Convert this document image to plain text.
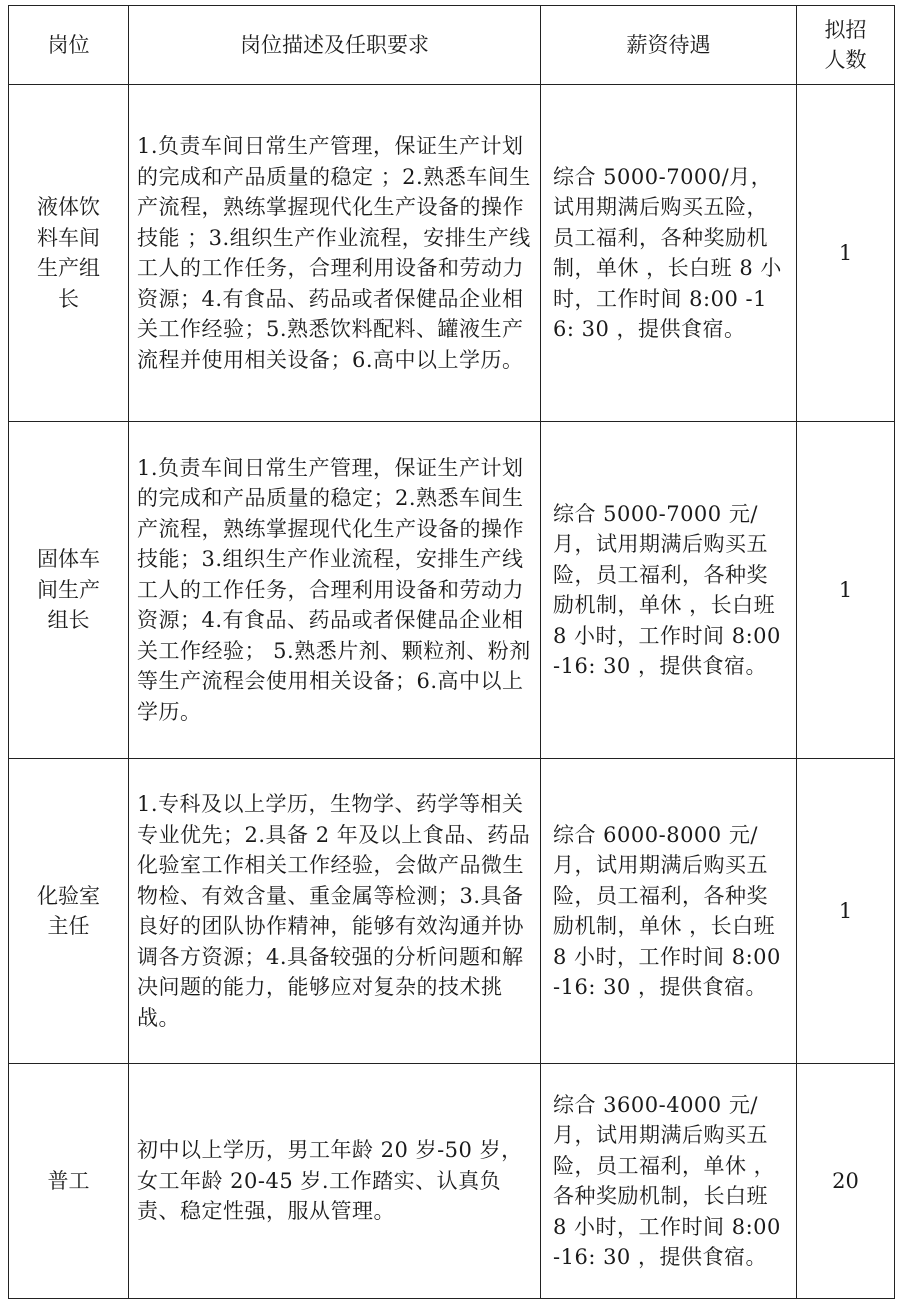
岗位	岗位描述及任职要求	薪资待遇	拟招人数
液体饮料车间生产组长	1.负责车间日常生产管理，保证生产计划的完成和产品质量的稳定 ；2.熟悉车间生产流程，熟练掌握现代化生产设备的操作技能 ；3.组织生产作业流程，安排生产线工人的工作任务，合理利用设备和劳动力资源；4.有食品、药品或者保健品企业相关工作经验；5.熟悉饮料配料、罐液生产流程并使用相关设备；6.高中以上学历。	综合 5000-7000/月，试用期满后购买五险，员工福利，各种奖励机制，单休 ，长白班 8 小时，工作时间 8:00 -16: 30 ，提供食宿。	1
固体车间生产组长	1.负责车间日常生产管理，保证生产计划的完成和产品质量的稳定；2.熟悉车间生产流程，熟练掌握现代化生产设备的操作技能；3.组织生产作业流程，安排生产线工人的工作任务，合理利用设备和劳动力资源；4.有食品、药品或者保健品企业相关工作经验； 5.熟悉片剂、颗粒剂、粉剂等生产流程会使用相关设备；6.高中以上学历。	综合 5000-7000 元/月，试用期满后购买五险，员工福利，各种奖励机制，单休 ，长白班 8 小时，工作时间 8:00 -16: 30 ，提供食宿。	1
化验室主任	1.专科及以上学历，生物学、药学等相关专业优先；2.具备 2 年及以上食品、药品化验室工作相关工作经验，会做产品微生物检、有效含量、重金属等检测；3.具备良好的团队协作精神，能够有效沟通并协调各方资源；4.具备较强的分析问题和解决问题的能力，能够应对复杂的技术挑战。	综合 6000-8000 元/月，试用期满后购买五险，员工福利，各种奖励机制，单休 ，长白班 8 小时，工作时间 8:00 -16: 30 ，提供食宿。	1
普工	初中以上学历，男工年龄 20 岁-50 岁，女工年龄 20-45 岁.工作踏实、认真负责、稳定性强，服从管理。	综合 3600-4000 元/月，试用期满后购买五险，员工福利，单休 ，各种奖励机制，长白班 8 小时，工作时间 8:00 -16: 30 ，提供食宿。	20
